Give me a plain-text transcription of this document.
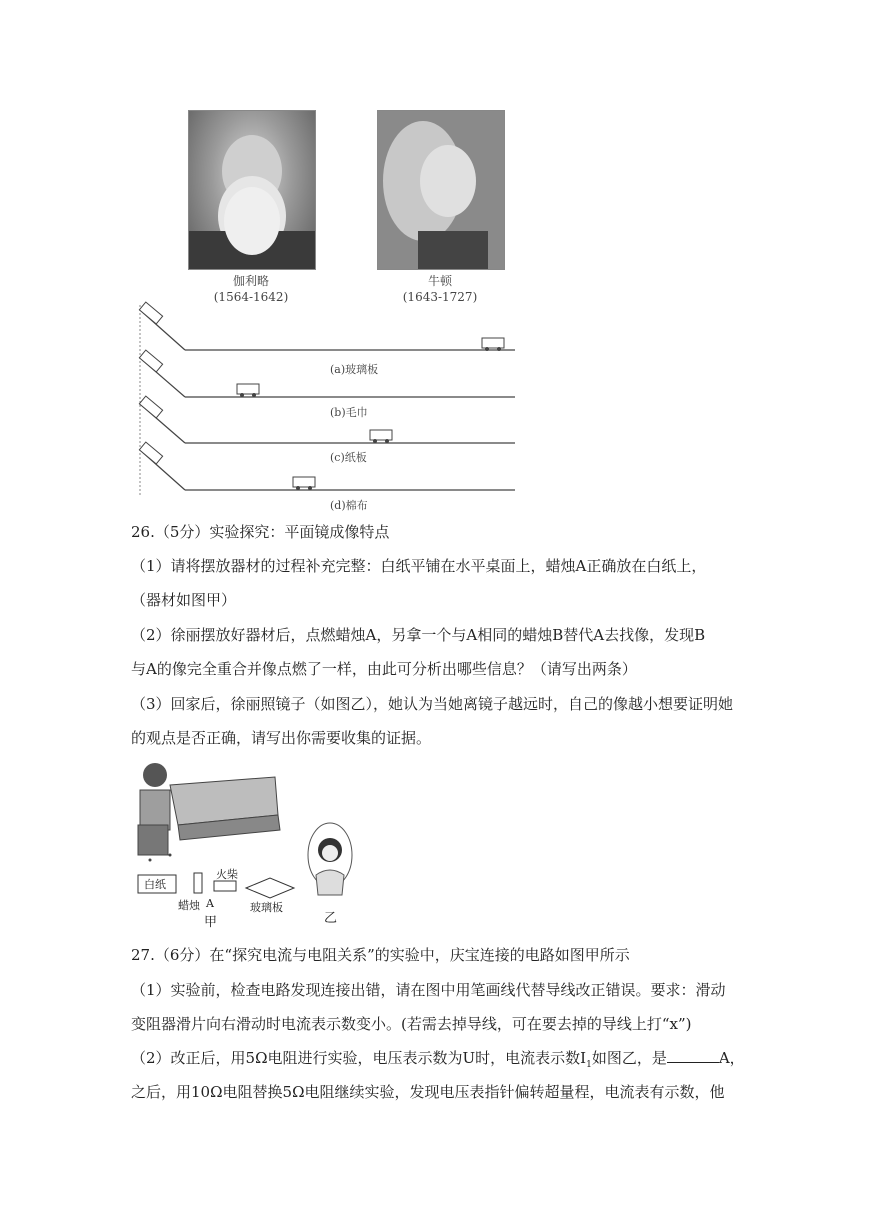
伽利略
(1564-1642)
牛顿
(1643-1727)
(a)玻璃板
(b)毛巾
(c)纸板
(d)棉布
26.（5分）实验探究：平面镜成像特点
（1）请将摆放器材的过程补充完整：白纸平铺在水平桌面上，蜡烛A正确放在白纸上，
（器材如图甲）
（2）徐丽摆放好器材后，点燃蜡烛A，另拿一个与A相同的蜡烛B替代A去找像，发现B
与A的像完全重合并像点燃了一样，由此可分析出哪些信息？（请写出两条）
（3）回家后，徐丽照镜子（如图乙），她认为当她离镜子越远时，自己的像越小想要证明她
的观点是否正确，请写出你需要收集的证据。
白纸
火柴
蜡烛 A	玻璃板
甲	乙
27.（6分）在“探究电流与电阻关系”的实验中，庆宝连接的电路如图甲所示
（1）实验前，检查电路发现连接出错，请在图中用笔画线代替导线改正错误。要求：滑动
变阻器滑片向右滑动时电流表示数变小。(若需去掉导线，可在要去掉的导线上打“x”)
（2）改正后，用5Ω电阻进行实验，电压表示数为U时，电流表示数$I_1$如图乙，是	A，
之后，用10Ω电阻替换5Ω电阻继续实验，发现电压表指针偏转超量程，电流表有示数，他
